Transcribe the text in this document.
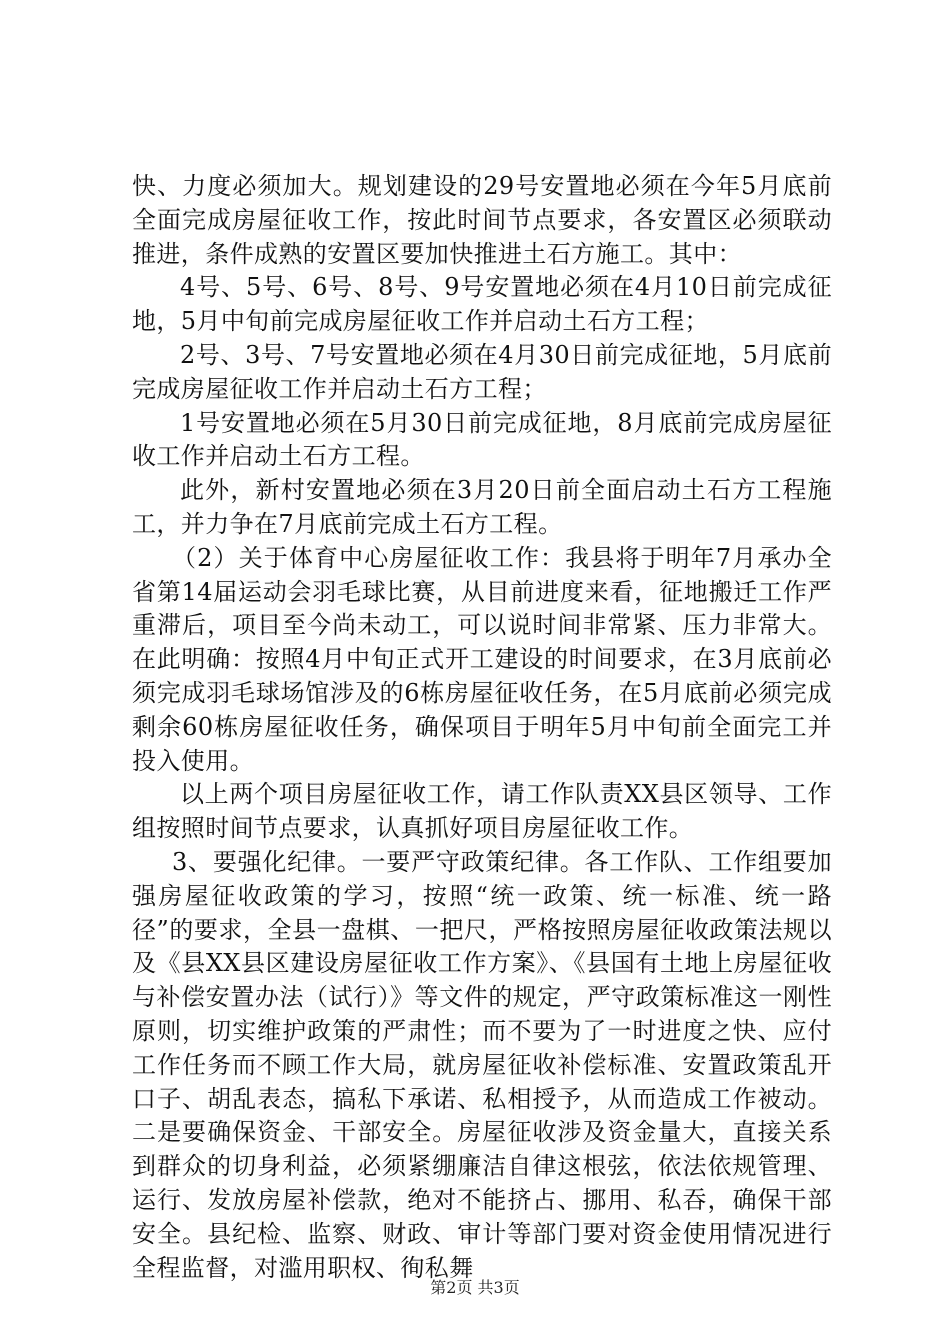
快、力度必须加大。规划建设的29号安置地必须在今年5月底前全面完成房屋征收工作，按此时间节点要求，各安置区必须联动推进，条件成熟的安置区要加快推进土石方施工。其中：

4号、5号、6号、8号、9号安置地必须在4月10日前完成征地，5月中旬前完成房屋征收工作并启动土石方工程；

2号、3号、7号安置地必须在4月30日前完成征地，5月底前完成房屋征收工作并启动土石方工程；

1号安置地必须在5月30日前完成征地，8月底前完成房屋征收工作并启动土石方工程。

此外，新村安置地必须在3月20日前全面启动土石方工程施工，并力争在7月底前完成土石方工程。

（2）关于体育中心房屋征收工作：我县将于明年7月承办全省第14届运动会羽毛球比赛，从目前进度来看，征地搬迁工作严重滞后，项目至今尚未动工，可以说时间非常紧、压力非常大。在此明确：按照4月中旬正式开工建设的时间要求，在3月底前必须完成羽毛球场馆涉及的6栋房屋征收任务，在5月底前必须完成剩余60栋房屋征收任务，确保项目于明年5月中旬前全面完工并投入使用。

以上两个项目房屋征收工作，请工作队责XX县区领导、工作组按照时间节点要求，认真抓好项目房屋征收工作。

3、要强化纪律。一要严守政策纪律。各工作队、工作组要加强房屋征收政策的学习，按照“统一政策、统一标准、统一路径”的要求，全县一盘棋、一把尺，严格按照房屋征收政策法规以及《县XX县区建设房屋征收工作方案》、《县国有土地上房屋征收与补偿安置办法（试行）》等文件的规定，严守政策标准这一刚性原则，切实维护政策的严肃性；而不要为了一时进度之快、应付工作任务而不顾工作大局，就房屋征收补偿标准、安置政策乱开口子、胡乱表态，搞私下承诺、私相授予，从而造成工作被动。二是要确保资金、干部安全。房屋征收涉及资金量大，直接关系到群众的切身利益，必须紧绷廉洁自律这根弦，依法依规管理、运行、发放房屋补偿款，绝对不能挤占、挪用、私吞，确保干部安全。县纪检、监察、财政、审计等部门要对资金使用情况进行全程监督，对滥用职权、徇私舞

第2页 共3页
